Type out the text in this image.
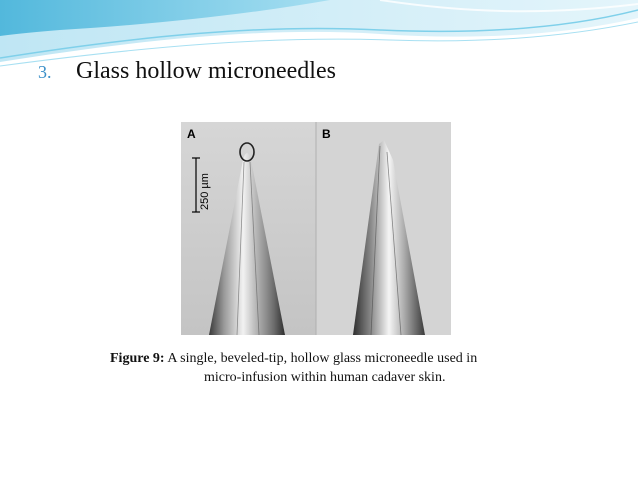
3.	Glass hollow microneedles
A	B
250 µm
Figure 9: A single, beveled-tip, hollow glass microneedle used in
micro-infusion within human cadaver skin.
